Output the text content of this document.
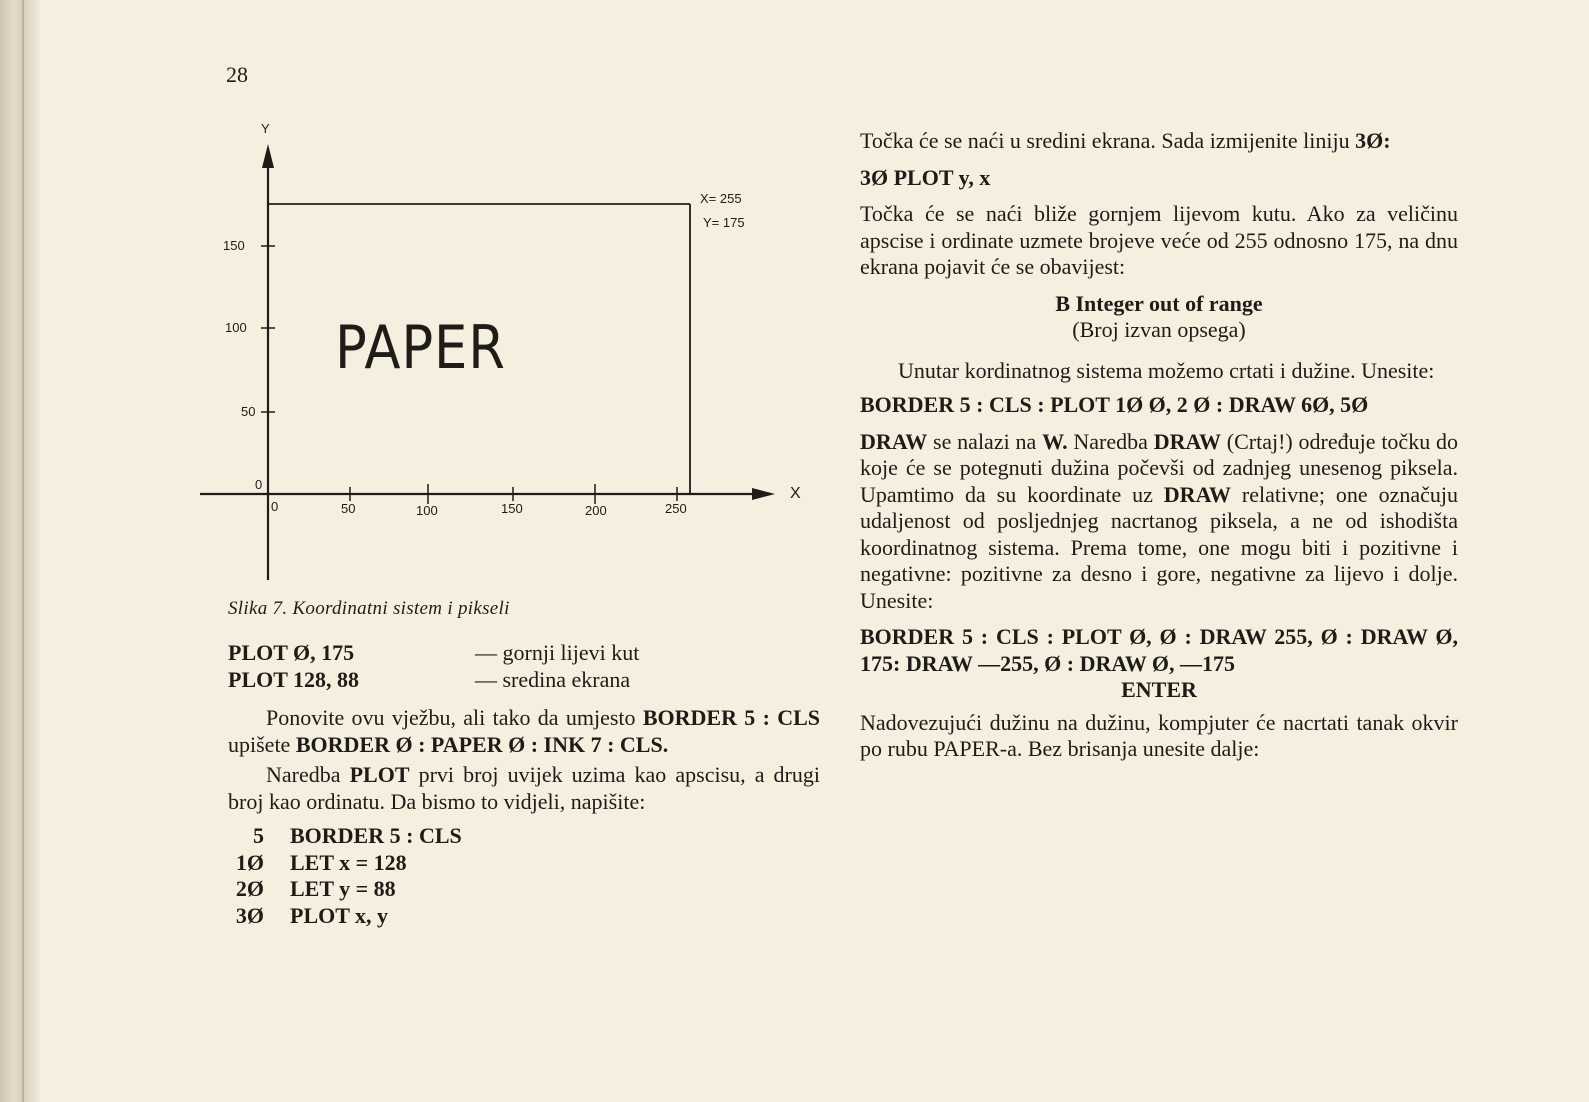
28
Y
X
150
100
50
0
0	50	100	150	200	250
X= 255
Y= 175
PAPER
Slika 7. Koordinatni sistem i pikseli
PLOT Ø, 175	— gornji lijevi kut
PLOT 128, 88	— sredina ekrana

Ponovite ovu vježbu, ali tako da umjesto BORDER 5 : CLS upišete BORDER Ø : PAPER Ø : INK 7 : CLS.

Naredba PLOT prvi broj uvijek uzima kao apscisu, a drugi broj kao ordinatu. Da bismo to vidjeli, napišite:

5 BORDER 5 : CLS
1Ø LET x = 128
2Ø LET y = 88
3Ø PLOT x, y

Točka će se naći u sredini ekrana. Sada izmijenite liniju 3Ø:

3Ø PLOT y, x

Točka će se naći bliže gornjem lijevom kutu. Ako za veličinu apscise i ordinate uzmete brojeve veće od 255 odnosno 175, na dnu ekrana pojavit će se obavijest:

B Integer out of range

(Broj izvan opsega)

Unutar kordinatnog sistema možemo crtati i dužine. Unesite:

BORDER 5 : CLS : PLOT 1Ø Ø, 2 Ø : DRAW 6Ø, 5Ø

DRAW se nalazi na W. Naredba DRAW (Crtaj!) određuje točku do koje će se potegnuti dužina počevši od zadnjeg unesenog piksela. Upamtimo da su koordinate uz DRAW relativne; one označuju udaljenost od posljednjeg nacrtanog piksela, a ne od ishodišta koordinatnog sistema. Prema tome, one mogu biti i pozitivne i negativne: pozitivne za desno i gore, negativne za lijevo i dolje. Unesite:

BORDER 5 : CLS : PLOT Ø, Ø : DRAW 255, Ø : DRAW Ø, 175: DRAW —255, Ø : DRAW Ø, —175

ENTER

Nadovezujući dužinu na dužinu, kompjuter će nacrtati tanak okvir po rubu PAPER-a. Bez brisanja unesite dalje:
